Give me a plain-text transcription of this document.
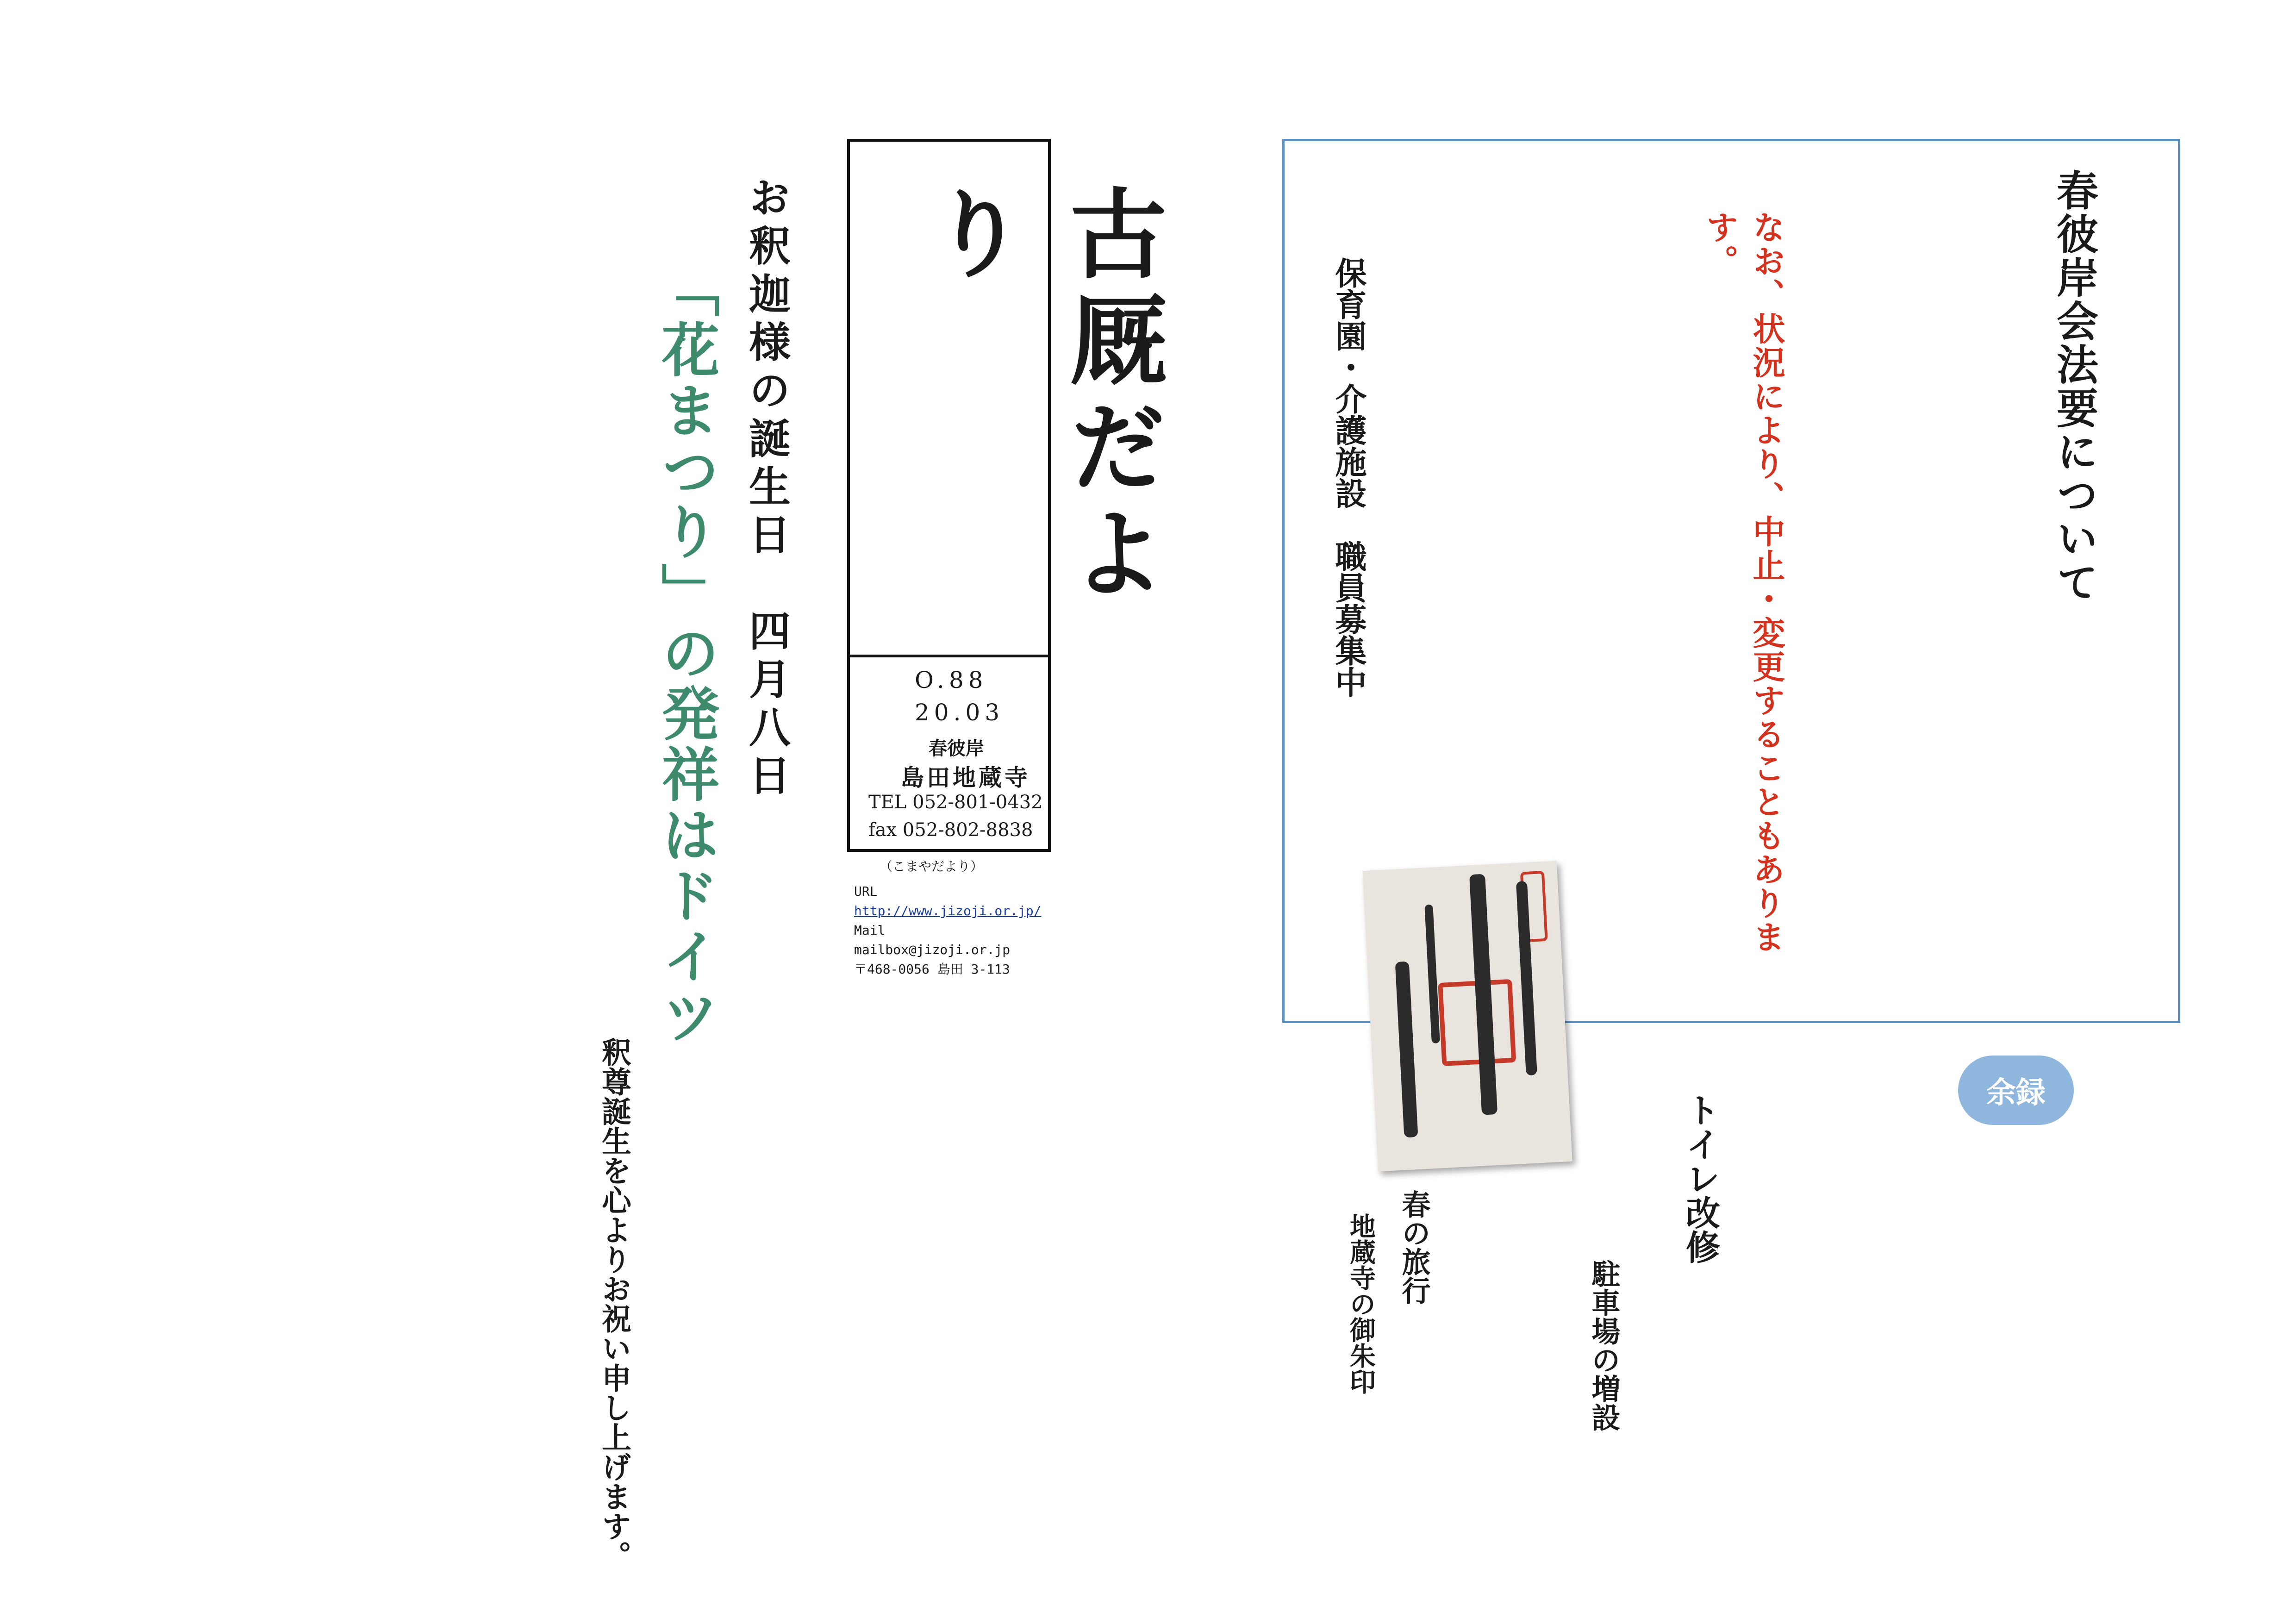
古厩だより
O.88
20.03
春彼岸
島田地蔵寺
TEL 052-801-0432
fax 052-802-8838
（こまやだより）
URL
http://www.jizoji.or.jp/
Mail
mailbox@jizoji.or.jp
〒468-0056 島田 3-113
お釈迦様の誕生日　四月八日
「花まつり」の発祥はドイツ
釈尊誕生を心よりお祝い申し上げます。
春彼岸会法要について
なお、状況により、中止・変更することもあります。
保育園・介護施設　職員募集中
余録
トイレ改修
駐車場の増設
春の旅行
地蔵寺の御朱印
